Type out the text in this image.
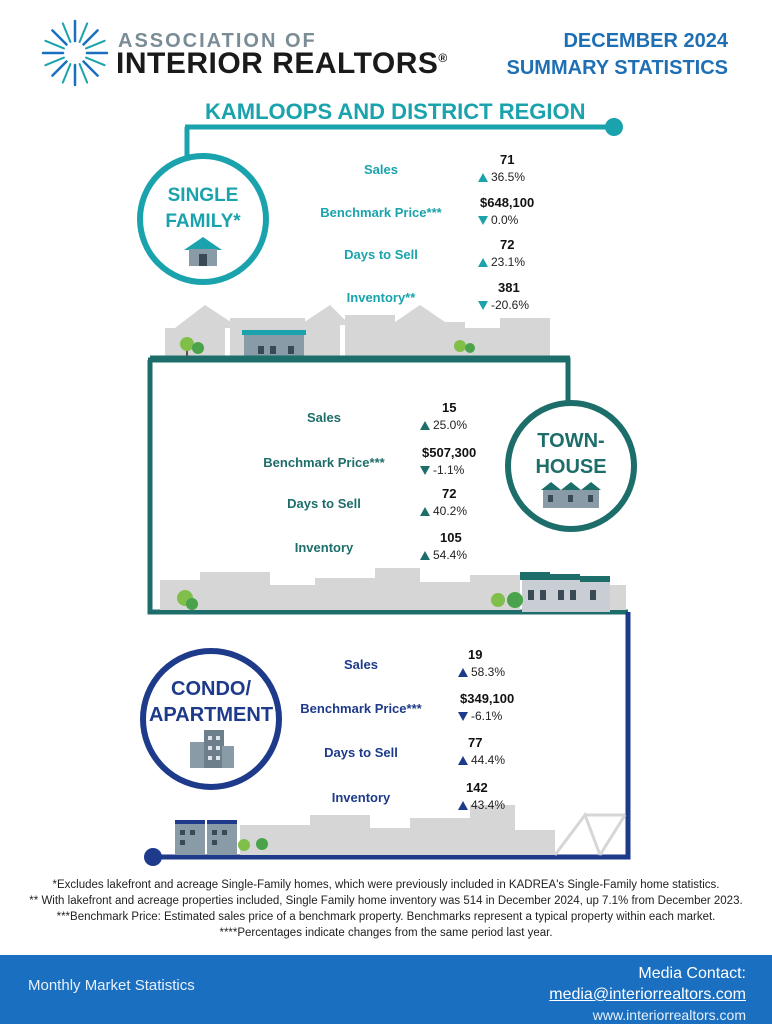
ASSOCIATION OF
INTERIOR REALTORS®
DECEMBER 2024
SUMMARY STATISTICS
KAMLOOPS AND DISTRICT REGION
SINGLE
FAMILY*
TOWN-
HOUSE
CONDO/
APARTMENT
Sales
71
36.5%
Benchmark Price***
$648,100
0.0%
Days to Sell
72
23.1%
Inventory**
381
-20.6%
Sales
15
25.0%
Benchmark Price***
$507,300
-1.1%
Days to Sell
72
40.2%
Inventory
105
54.4%
Sales
19
58.3%
Benchmark Price***
$349,100
-6.1%
Days to Sell
77
44.4%
Inventory
142
43.4%
*Excludes lakefront and acreage Single-Family homes, which were previously included in KADREA's Single-Family home statistics.
** With lakefront and acreage properties included, Single Family home inventory was 514 in December 2024, up 7.1% from December 2023.
***Benchmark Price: Estimated sales price of a benchmark property. Benchmarks represent a typical property within each market.
****Percentages indicate changes from the same period last year.
Monthly Market Statistics
Media Contact:
media@interiorrealtors.com
www.interiorrealtors.com
